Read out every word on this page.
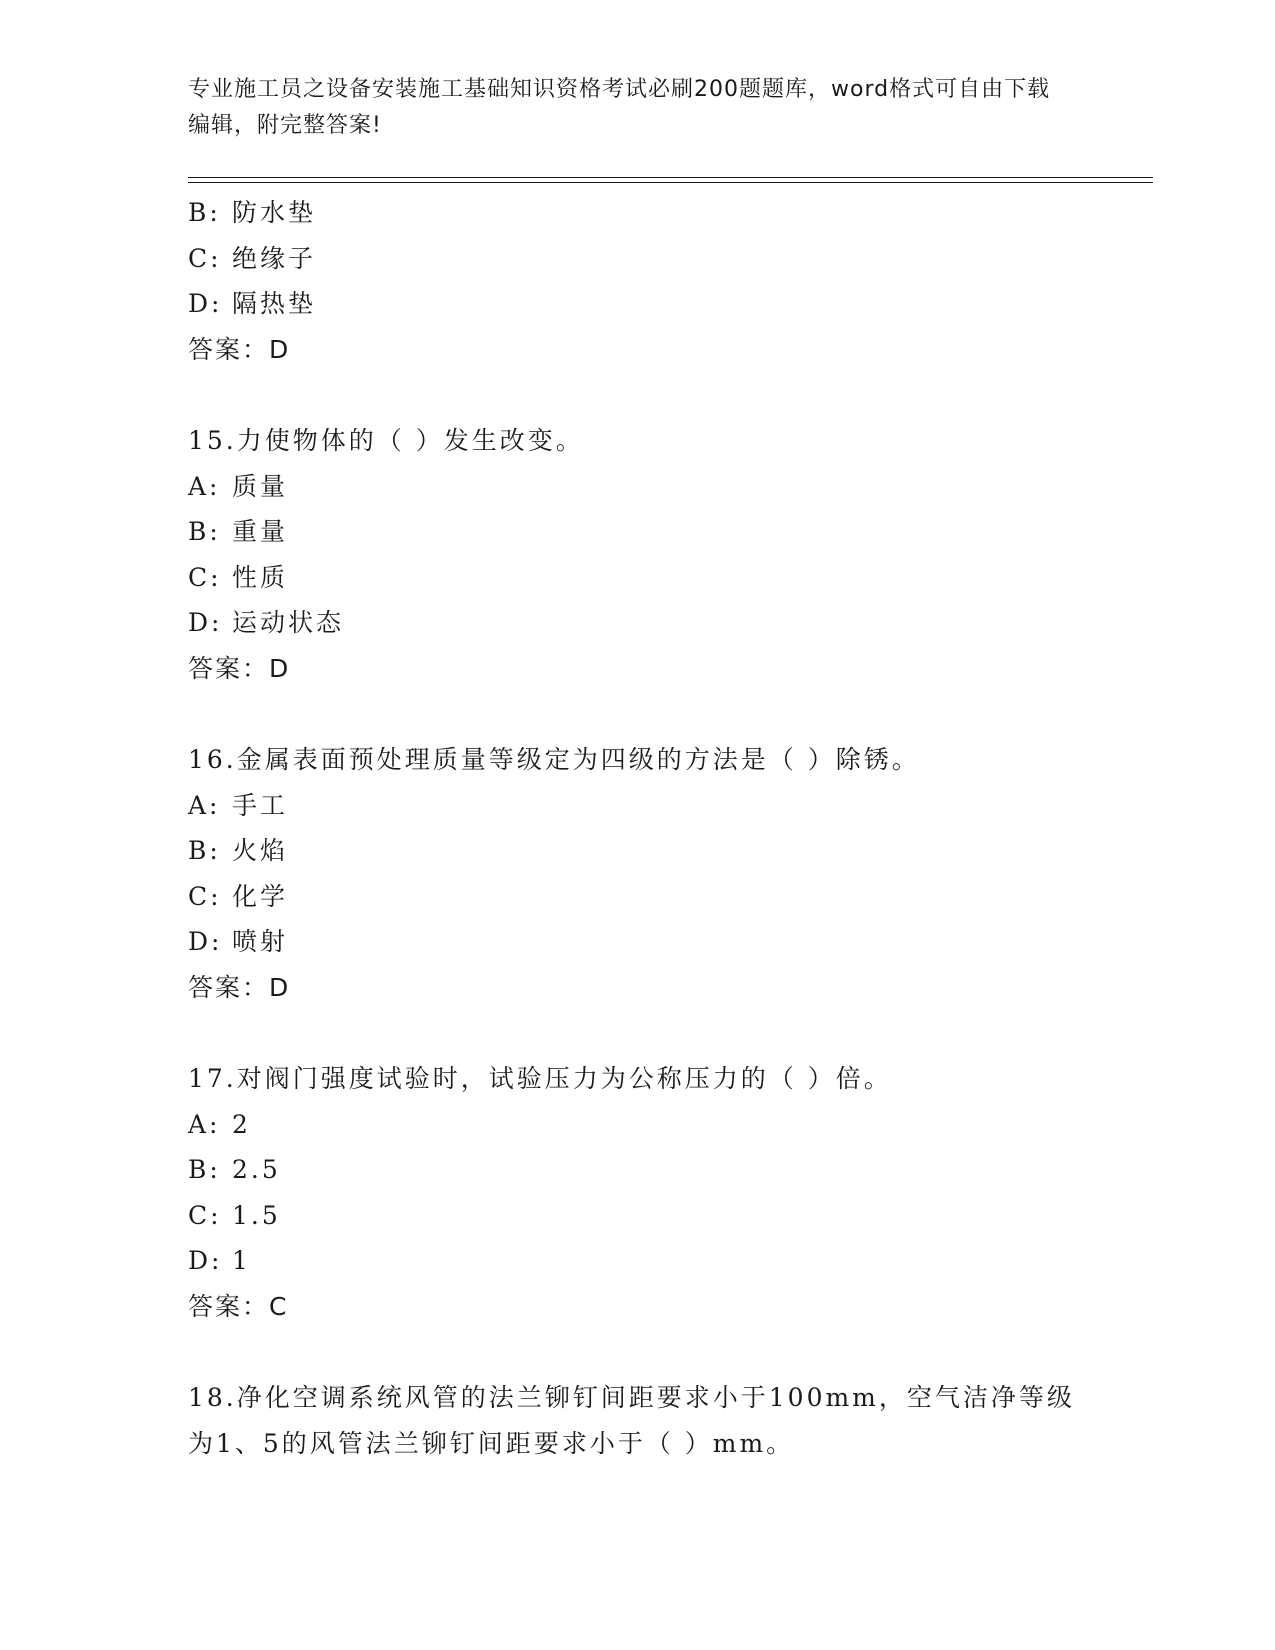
专业施工员之设备安装施工基础知识资格考试必刷200题题库，word格式可自由下载编辑，附完整答案!
B: 防水垫
C: 绝缘子
D: 隔热垫
答案：D
15.力使物体的（ ）发生改变。
A: 质量
B: 重量
C: 性质
D: 运动状态
答案：D
16.金属表面预处理质量等级定为四级的方法是（ ）除锈。
A: 手工
B: 火焰
C: 化学
D: 喷射
答案：D
17.对阀门强度试验时，试验压力为公称压力的（ ）倍。
A: 2
B: 2.5
C: 1.5
D: 1
答案：C
18.净化空调系统风管的法兰铆钉间距要求小于100mm，空气洁净等级
为1、5的风管法兰铆钉间距要求小于（ ）mm。
